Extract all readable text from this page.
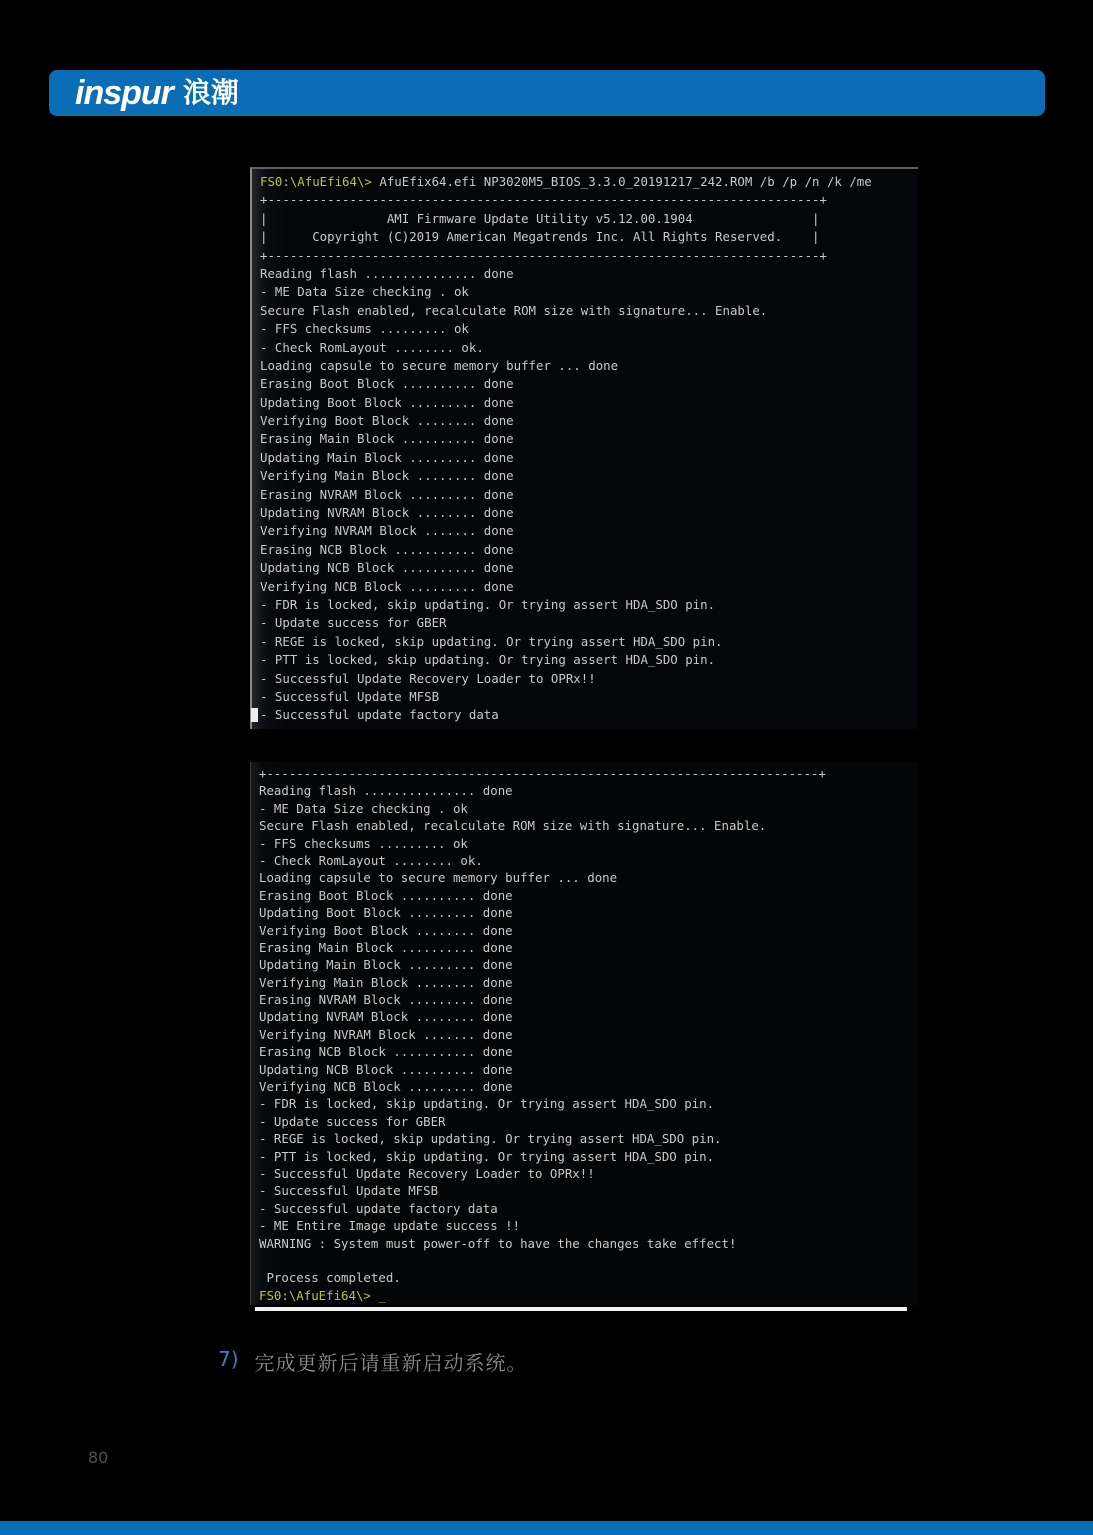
inspur 浪潮
FS0:\AfuEfi64\> AfuEfix64.efi NP3020M5_BIOS_3.3.0_20191217_242.ROM /b /p /n /k /me
+--------------------------------------------------------------------------+
|                AMI Firmware Update Utility v5.12.00.1904                |
|      Copyright (C)2019 American Megatrends Inc. All Rights Reserved.    |
+--------------------------------------------------------------------------+
Reading flash ............... done
- ME Data Size checking . ok
Secure Flash enabled, recalculate ROM size with signature... Enable.
- FFS checksums ......... ok
- Check RomLayout ........ ok.
Loading capsule to secure memory buffer ... done
Erasing Boot Block .......... done
Updating Boot Block ......... done
Verifying Boot Block ........ done
Erasing Main Block .......... done
Updating Main Block ......... done
Verifying Main Block ........ done
Erasing NVRAM Block ......... done
Updating NVRAM Block ........ done
Verifying NVRAM Block ....... done
Erasing NCB Block ........... done
Updating NCB Block .......... done
Verifying NCB Block ......... done
- FDR is locked, skip updating. Or trying assert HDA_SDO pin.
- Update success for GBER
- REGE is locked, skip updating. Or trying assert HDA_SDO pin.
- PTT is locked, skip updating. Or trying assert HDA_SDO pin.
- Successful Update Recovery Loader to OPRx!!
- Successful Update MFSB

- Successful update factory data
+--------------------------------------------------------------------------+
Reading flash ............... done
- ME Data Size checking . ok
Secure Flash enabled, recalculate ROM size with signature... Enable.
- FFS checksums ......... ok
- Check RomLayout ........ ok.
Loading capsule to secure memory buffer ... done
Erasing Boot Block .......... done
Updating Boot Block ......... done
Verifying Boot Block ........ done
Erasing Main Block .......... done
Updating Main Block ......... done
Verifying Main Block ........ done
Erasing NVRAM Block ......... done
Updating NVRAM Block ........ done
Verifying NVRAM Block ....... done
Erasing NCB Block ........... done
Updating NCB Block .......... done
Verifying NCB Block ......... done
- FDR is locked, skip updating. Or trying assert HDA_SDO pin.
- Update success for GBER
- REGE is locked, skip updating. Or trying assert HDA_SDO pin.
- PTT is locked, skip updating. Or trying assert HDA_SDO pin.
- Successful Update Recovery Loader to OPRx!!
- Successful Update MFSB
- Successful update factory data
- ME Entire Image update success !!
WARNING : System must power-off to have the changes take effect!

Process completed.
FS0:\AfuEfi64\> _
7) 完成更新后请重新启动系统。
80
